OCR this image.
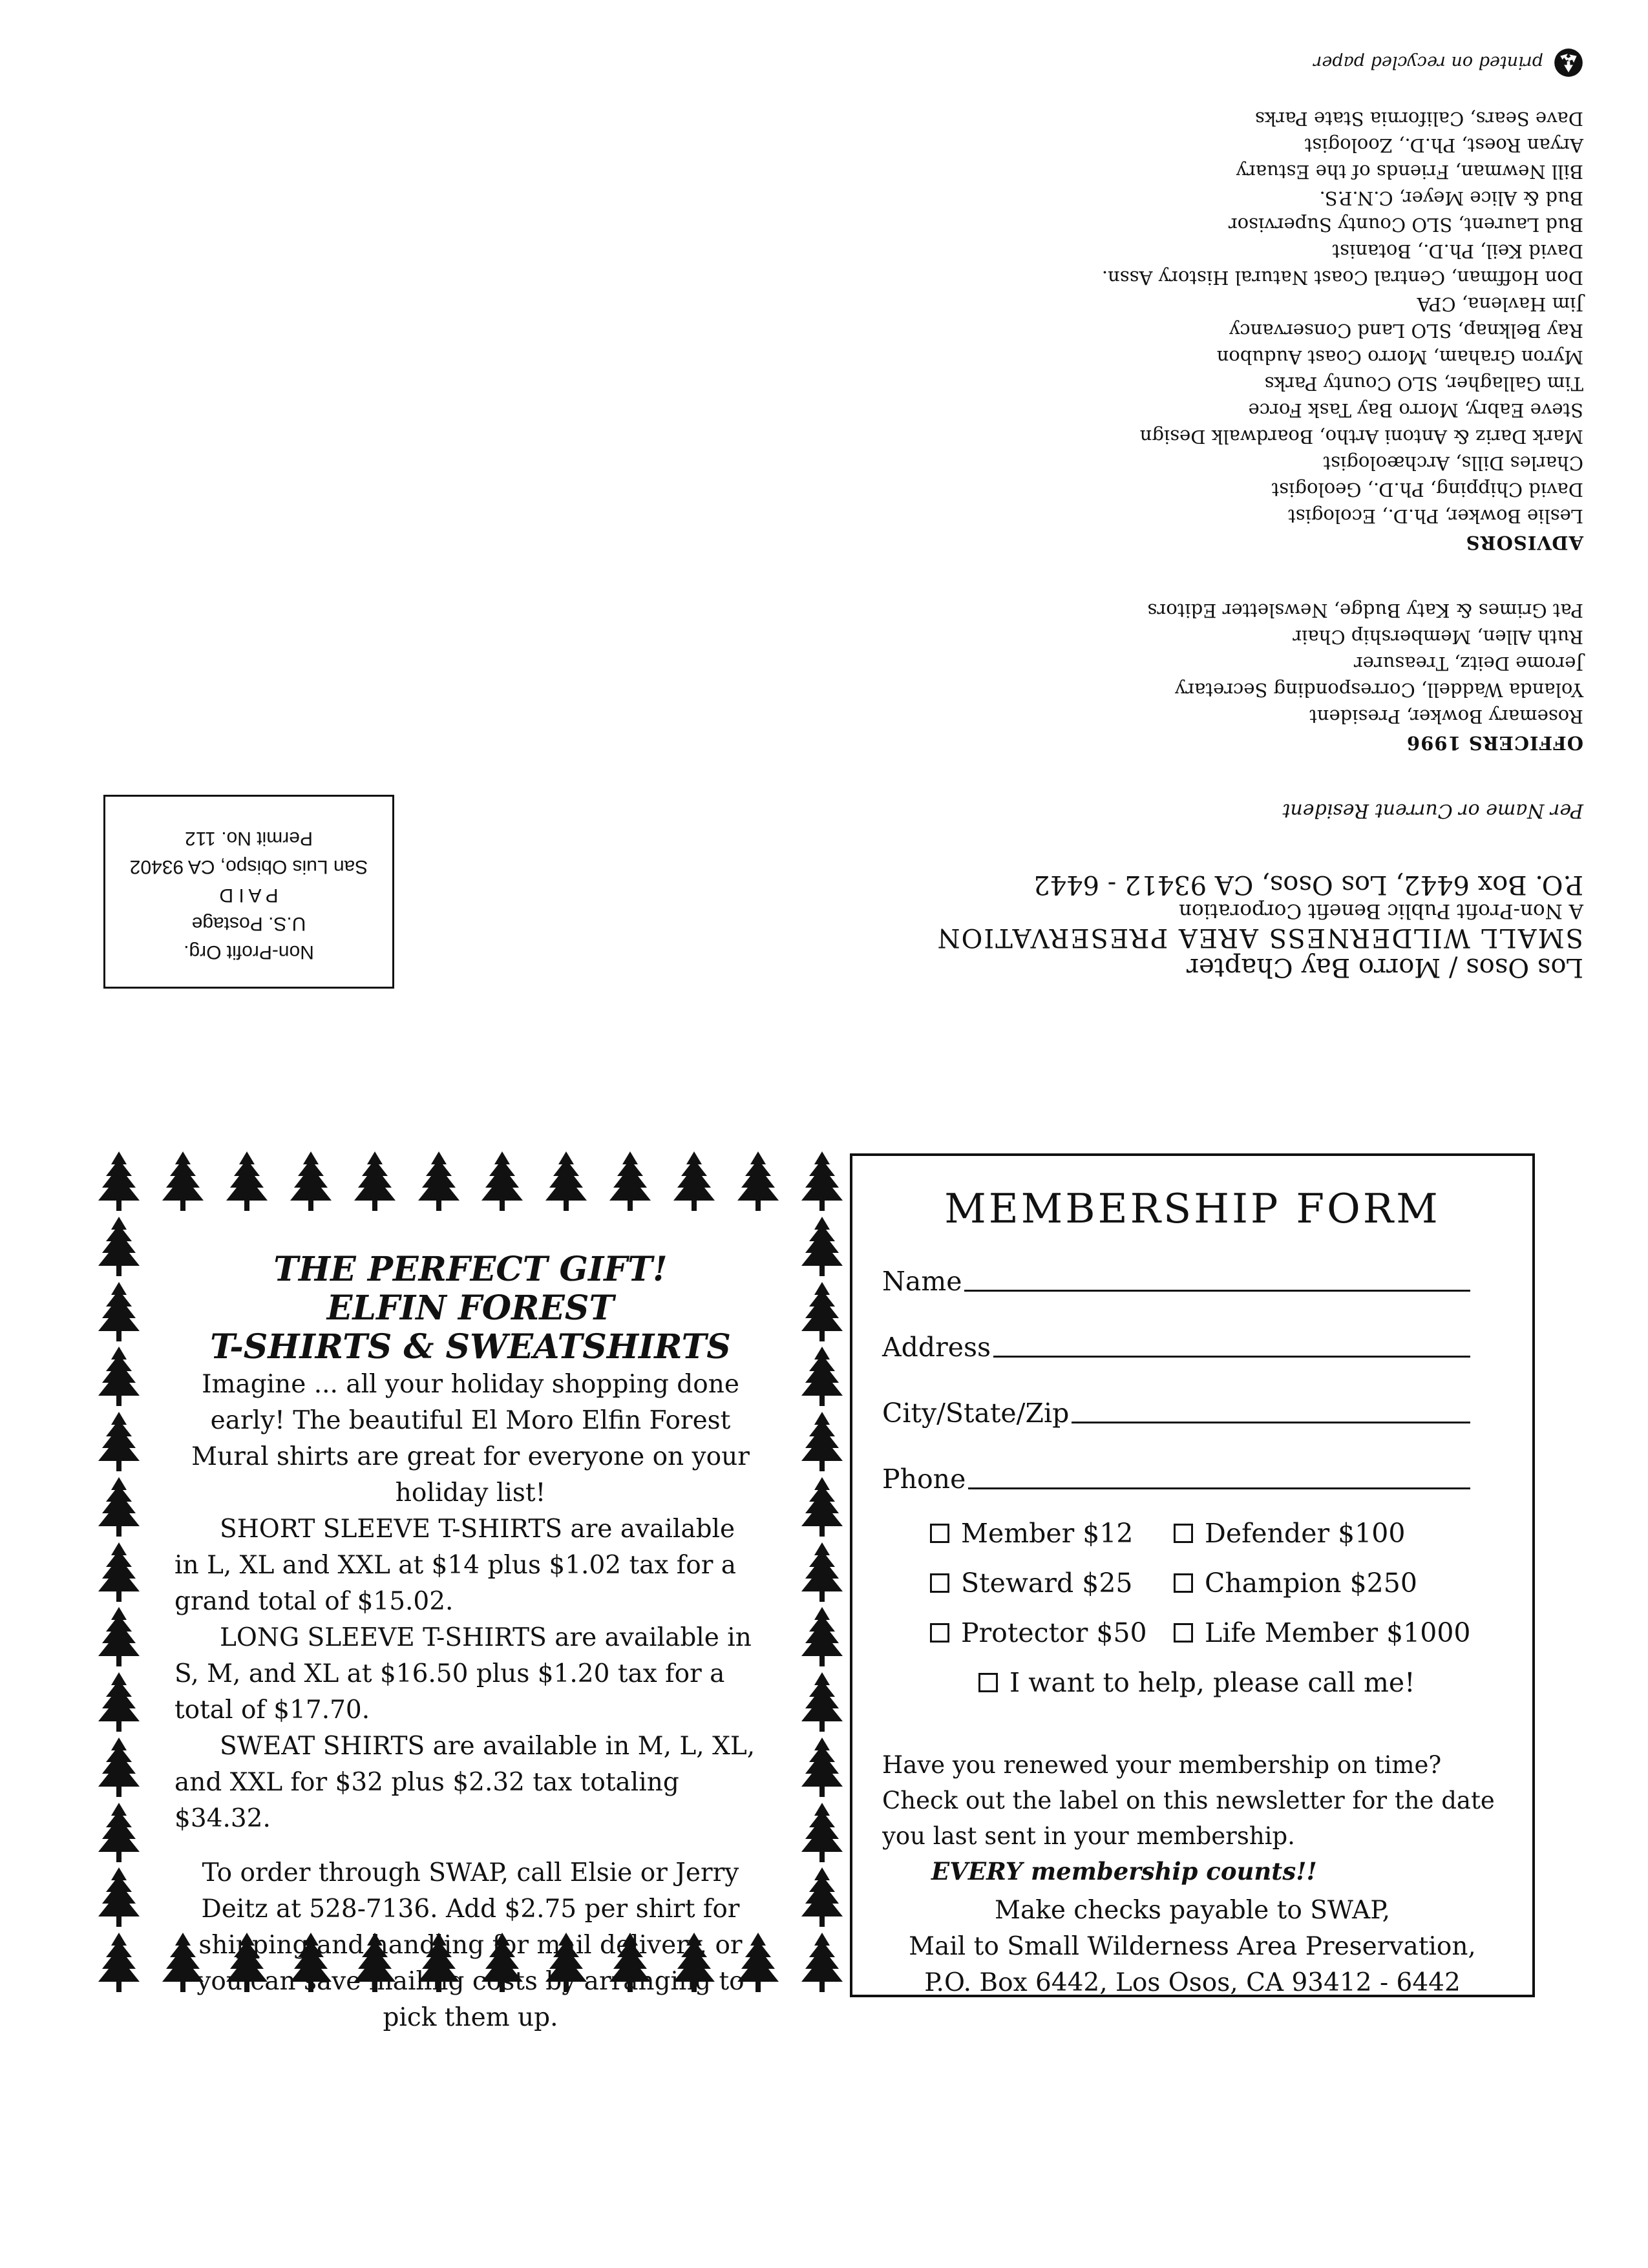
Los Osos / Morro Bay Chapter
SMALL WILDERNESS AREA PRESERVATION
A Non-Profit Public Benefit Corporation
P.O. Box 6442, Los Osos, CA 93412 - 6442
Per Name or Current Resident
OFFICERS 1996
Rosemary Bowker, President
Yolanda Waddell, Corresponding Secretary
Jerome Deitz, Treasurer
Ruth Allen, Membership Chair
Pat Grimes & Katy Budge, Newsletter Editors
ADVISORS
Leslie Bowker, Ph.D., Ecologist
David Chipping, Ph.D., Geologist
Charles Dills, Archæologist
Mark Dariz & Antoni Artho, Boardwalk Design
Steve Eabry, Morro Bay Task Force
Tim Gallagher, SLO County Parks
Myron Graham, Morro Coast Audubon
Ray Belknap, SLO Land Conservancy
Jim Havlena, CPA
Don Hoffman, Central Coast Natural History Assn.
David Keil, Ph.D., Botanist
Bud Laurent, SLO County Supervisor
Bud & Alice Meyer, C.N.P.S.
Bill Newman, Friends of the Estuary
Aryan Roest, Ph.D., Zoologist
Dave Sears, California State Parks
printed on recycled paper
Non-Profit Org.
U.S. Postage
P A I D
San Luis Obispo, CA 93402
Permit No. 112
THE PERFECT GIFT!
ELFIN FOREST
T-SHIRTS & SWEATSHIRTS
Imagine ... all your holiday shopping done early! The beautiful El Moro Elfin Forest Mural shirts are great for everyone on your holiday list!
SHORT SLEEVE T-SHIRTS are available in L, XL and XXL at $14 plus $1.02 tax for a grand total of $15.02.
LONG SLEEVE T-SHIRTS are available in S, M, and XL at $16.50 plus $1.20 tax for a total of $17.70.
SWEAT SHIRTS are available in M, L, XL, and XXL for $32 plus $2.32 tax totaling $34.32.
To order through SWAP, call Elsie or Jerry Deitz at 528-7136. Add $2.75 per shirt for shipping and handling for mail delivery, or you can save mailing costs by arranging to pick them up.
MEMBERSHIP FORM
Name
Address
City/State/Zip
Phone
Member $12	Defender $100
Steward $25	Champion $250
Protector $50 Life Member $1000
I want to help, please call me!
Have you renewed your membership on time? Check out the label on this newsletter for the date you last sent in your membership.
EVERY membership counts!!
Make checks payable to SWAP,
Mail to Small Wilderness Area Preservation,
P.O. Box 6442, Los Osos, CA 93412 - 6442
